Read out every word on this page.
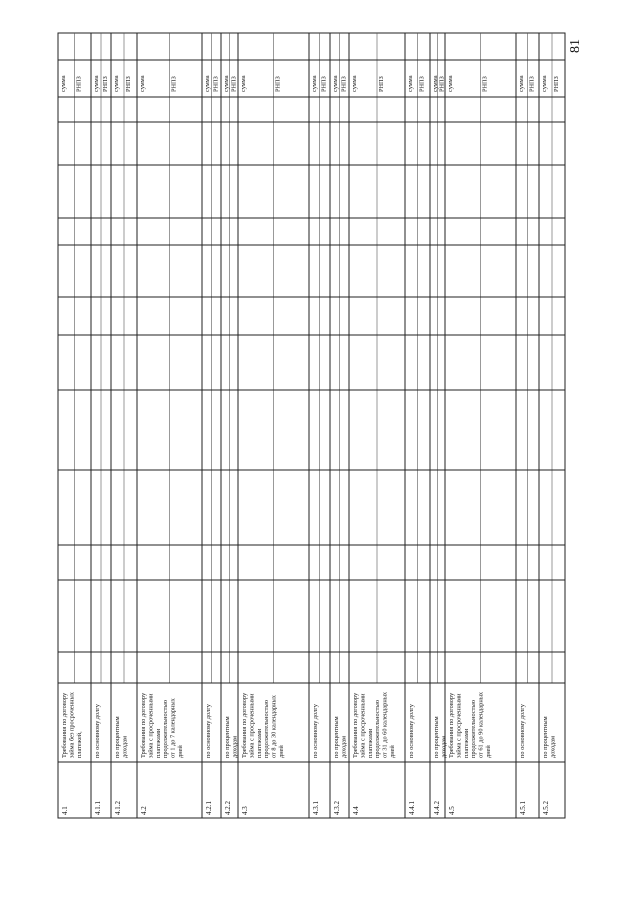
4.1
Требования по договору займа без просроченных платежей,
сумма РНПЗ
4.1.1
по основному долгу
сумма РНПЗ
4.1.2
по процентным доходам
сумма РНПЗ
4.2
Требования по договору займа с просроченными платежами продолжительностью от 1 до 7 календарных дней
сумма	РНПЗ
4.2.1
по основному долгу
сумма РНПЗ
4.2.2
по процентным доходам
сумма РНПЗ
4.3
Требования по договору займа с просроченными платежами продолжительностью от 8 до 30 календарных дней
сумма	РНПЗ
4.3.1
по основному долгу
сумма РНПЗ
4.3.2
по процентным доходам
сумма РНПЗ
4.4
Требования по договору займа с просроченными платежами продолжительностью от 31 до 60 календарных дней
сумма	РНПЗ
4.4.1
по основному долгу
сумма РНПЗ
4.4.2
по процентным доходам
сумма РНПЗ
4.5
Требования по договору займа с просроченными платежами продолжительностью от 61 до 90 календарных дней
сумма	РНПЗ
4.5.1
по основному долгу
сумма РНПЗ
4.5.2
по процентным доходам
сумма РНПЗ
81
